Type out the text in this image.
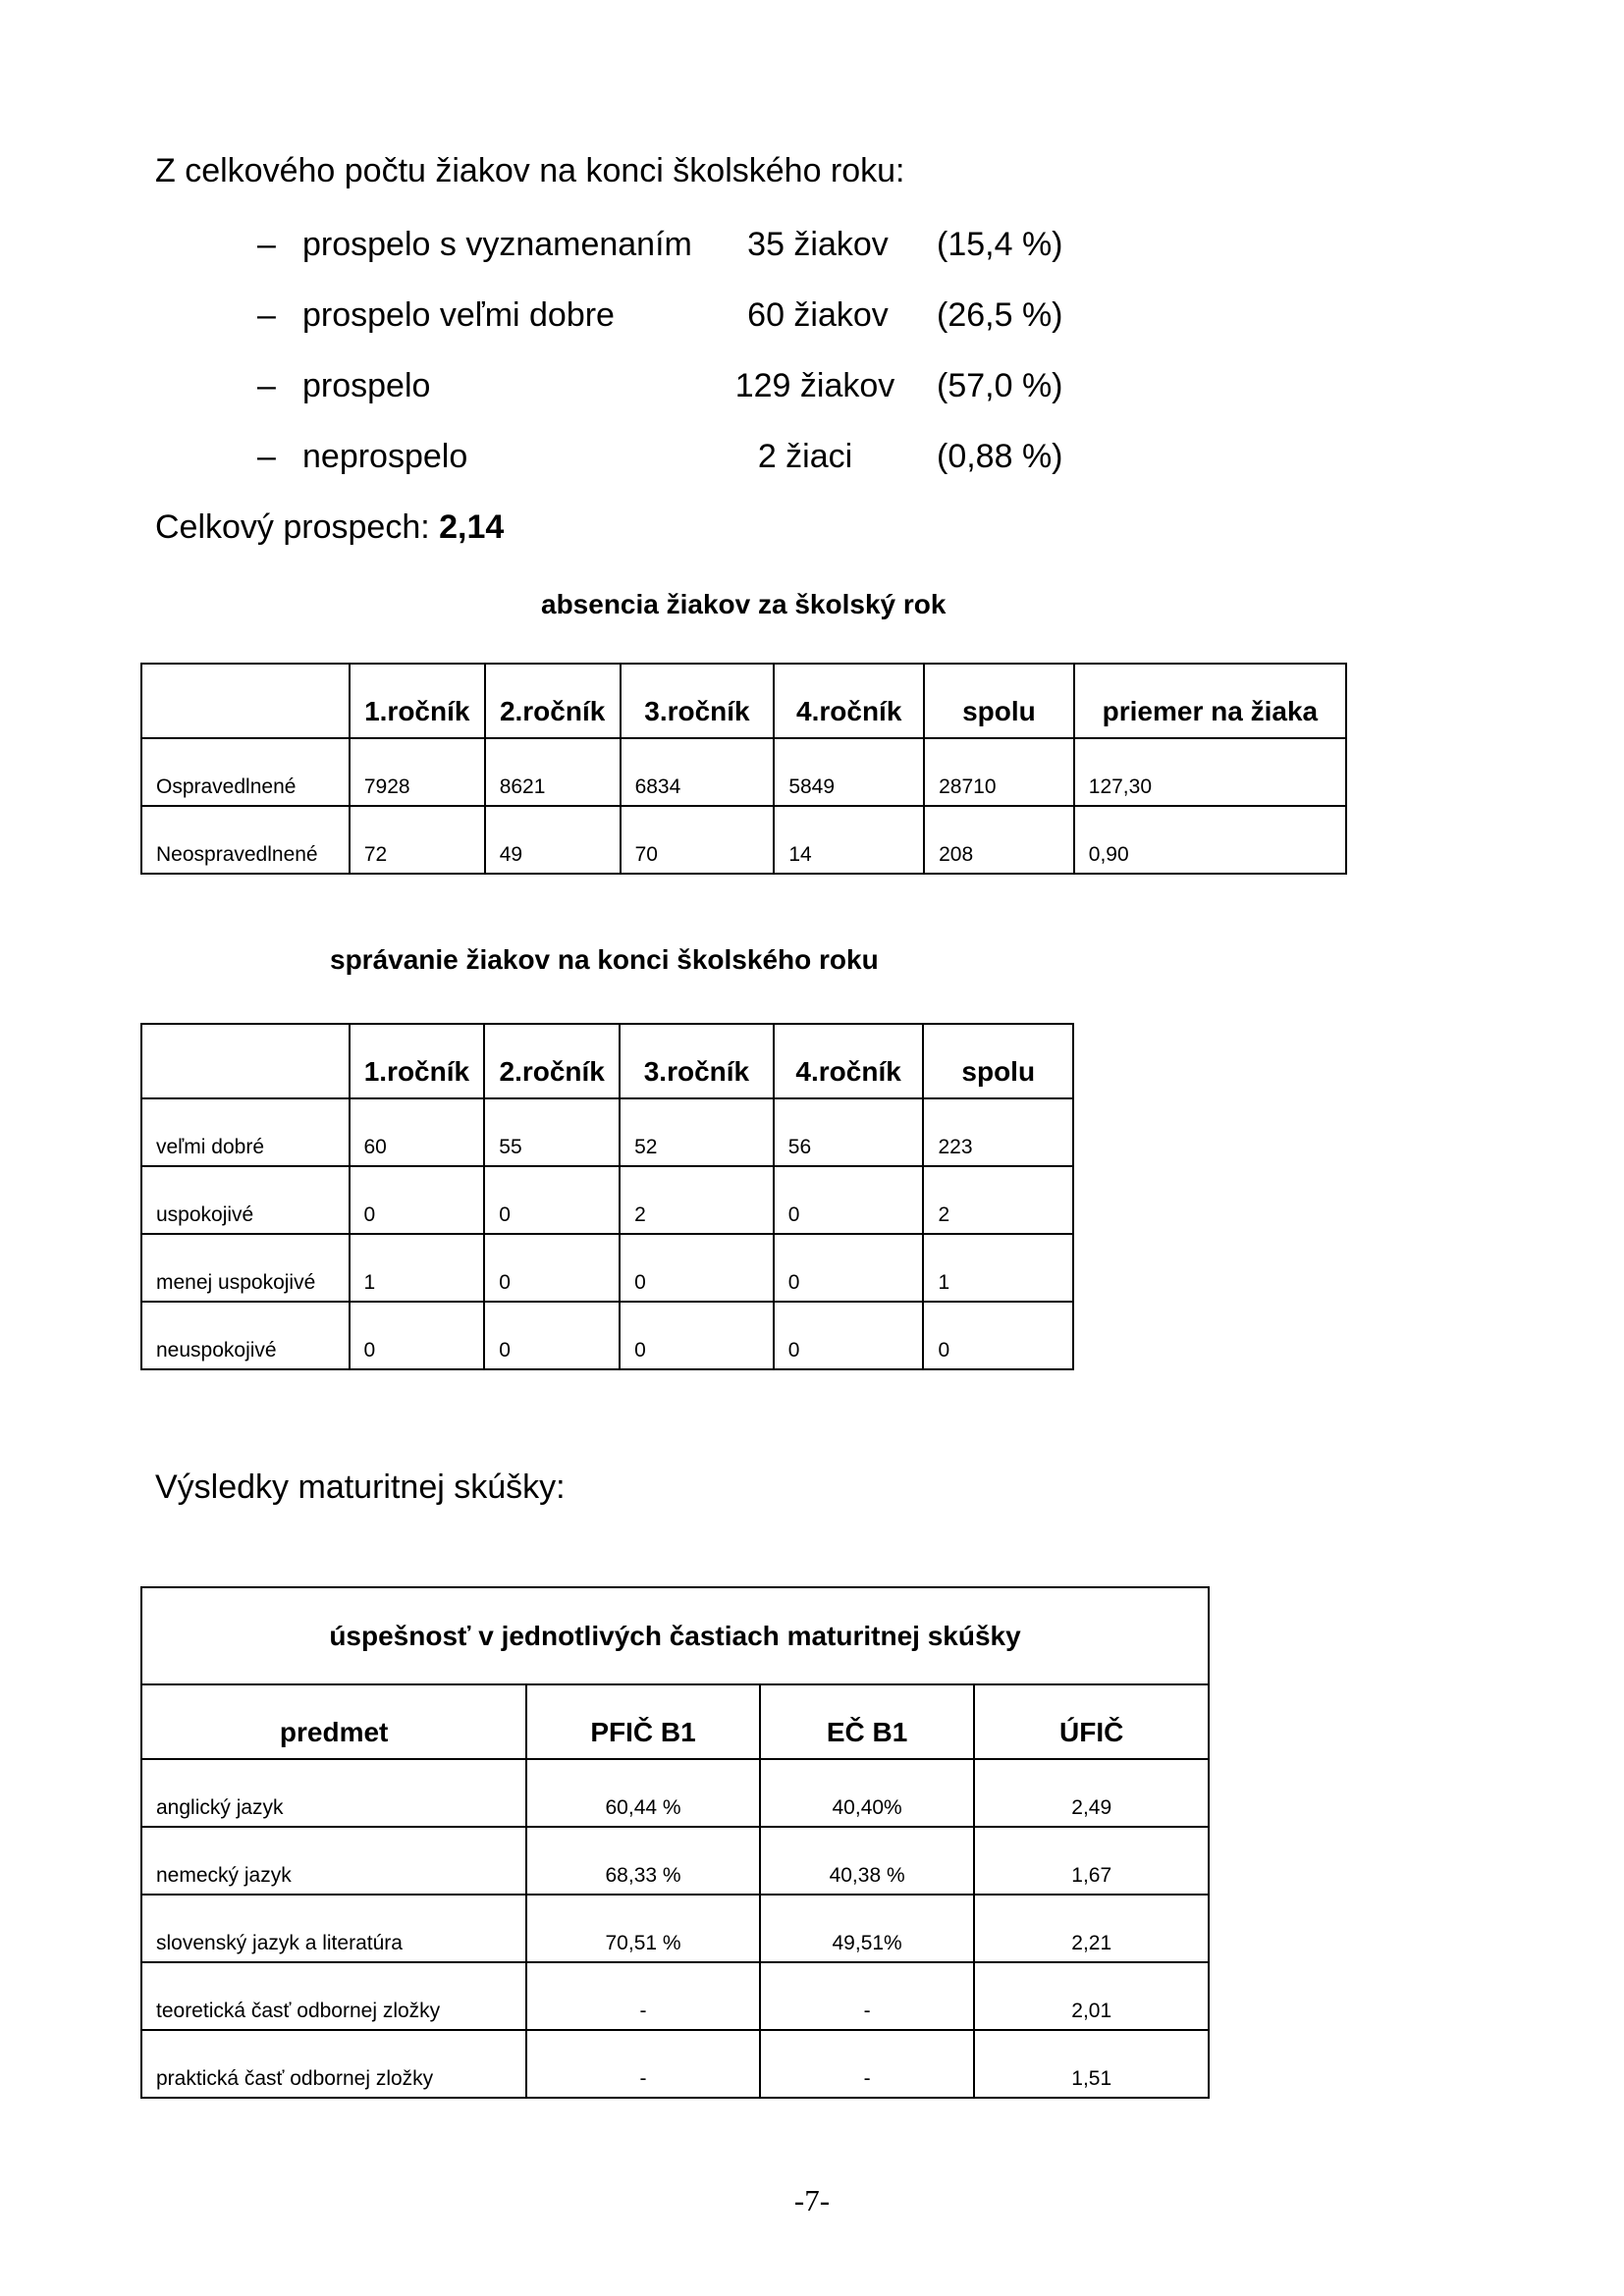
Z celkového počtu žiakov na konci školského roku:
– prospelo s vyznamenaním	35 žiakov	(15,4 %)
– prospelo veľmi dobre	60 žiakov	(26,5 %)
– prospelo	129 žiakov	(57,0 %)
– neprospelo	2 žiaci	(0,88 %)
Celkový prospech: 2,14
absencia žiakov za školský rok
	1.ročník	2.ročník	3.ročník	4.ročník	spolu	priemer na žiaka
Ospravedlnené	7928	8621	6834	5849	28710	127,30
Neospravedlnené	72	49	70	14	208	0,90
správanie žiakov na konci školského roku
	1.ročník	2.ročník	3.ročník	4.ročník	spolu
veľmi dobré	60	55	52	56	223
uspokojivé	0	0	2	0	2
menej uspokojivé	1	0	0	0	1
neuspokojivé	0	0	0	0	0
Výsledky maturitnej skúšky:
úspešnosť v jednotlivých častiach maturitnej skúšky			
predmet	PFIČ B1	EČ B1	ÚFIČ
anglický jazyk	60,44 %	40,40%	2,49
nemecký jazyk	68,33 %	40,38 %	1,67
slovenský jazyk a literatúra	70,51 %	49,51%	2,21
teoretická časť odbornej zložky	-	-	2,01
praktická časť odbornej zložky	-	-	1,51
-7-
